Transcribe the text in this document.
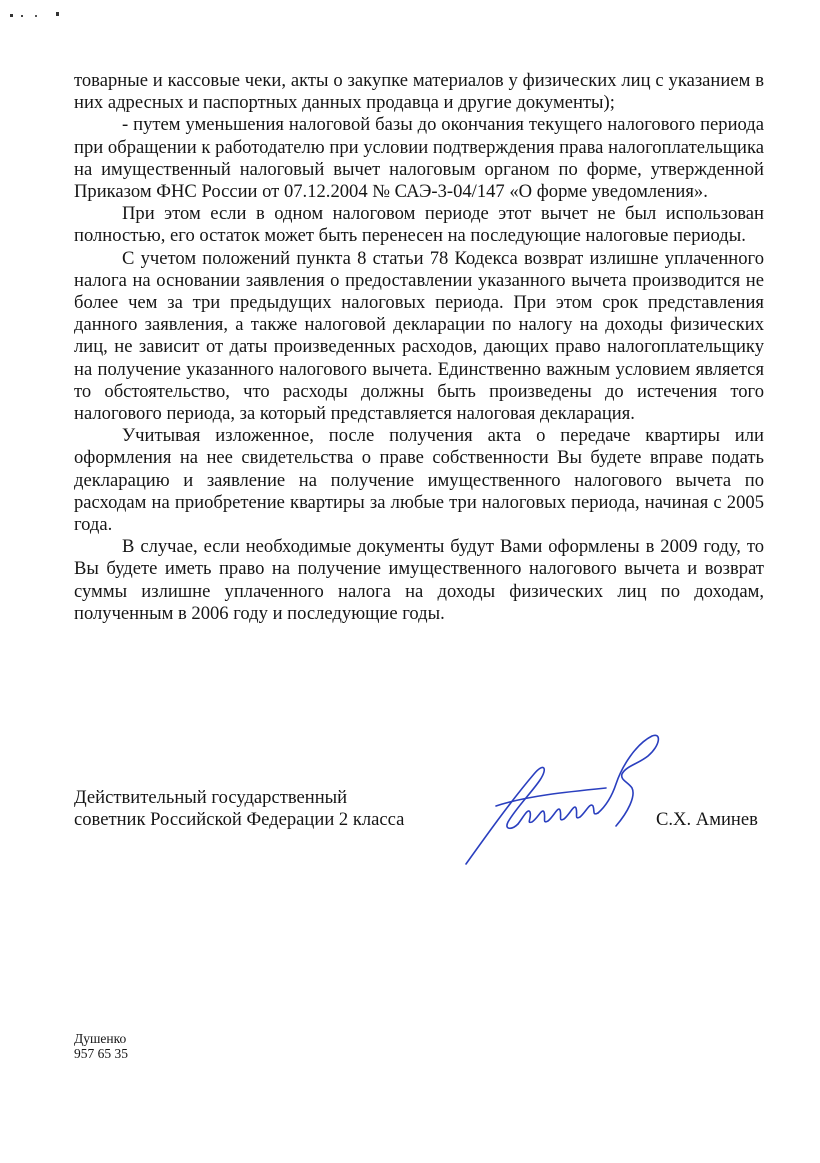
товарные и кассовые чеки, акты о закупке материалов у физических лиц с указанием в них адресных и паспортных данных продавца и другие документы);

- путем уменьшения налоговой базы до окончания текущего налогового периода при обращении к работодателю при условии подтверждения права налогоплательщика на имущественный налоговый вычет налоговым органом по форме, утвержденной Приказом ФНС России от 07.12.2004 № САЭ-3-04/147 «О форме уведомления».

При этом если в одном налоговом периоде этот вычет не был использован полностью, его остаток может быть перенесен на последующие налоговые периоды.

С учетом положений пункта 8 статьи 78 Кодекса возврат излишне уплаченного налога на основании заявления о предоставлении указанного вычета производится не более чем за три предыдущих налоговых периода. При этом срок представления данного заявления, а также налоговой декларации по налогу на доходы физических лиц, не зависит от даты произведенных расходов, дающих право налогоплательщику на получение указанного налогового вычета. Единственно важным условием является то обстоятельство, что расходы должны быть произведены до истечения того налогового периода, за который представляется налоговая декларация.

Учитывая изложенное, после получения акта о передаче квартиры или оформления на нее свидетельства о праве собственности Вы будете вправе подать декларацию и заявление на получение имущественного налогового вычета по расходам на приобретение квартиры за любые три налоговых периода, начиная с 2005 года.

В случае, если необходимые документы будут Вами оформлены в 2009 году, то Вы будете иметь право на получение имущественного налогового вычета и возврат суммы излишне уплаченного налога на доходы физических лиц по доходам, полученным в 2006 году и последующие годы.

Действительный государственный
советник Российской Федерации 2 класса	С.Х. Аминев
Душенко
957 65 35
